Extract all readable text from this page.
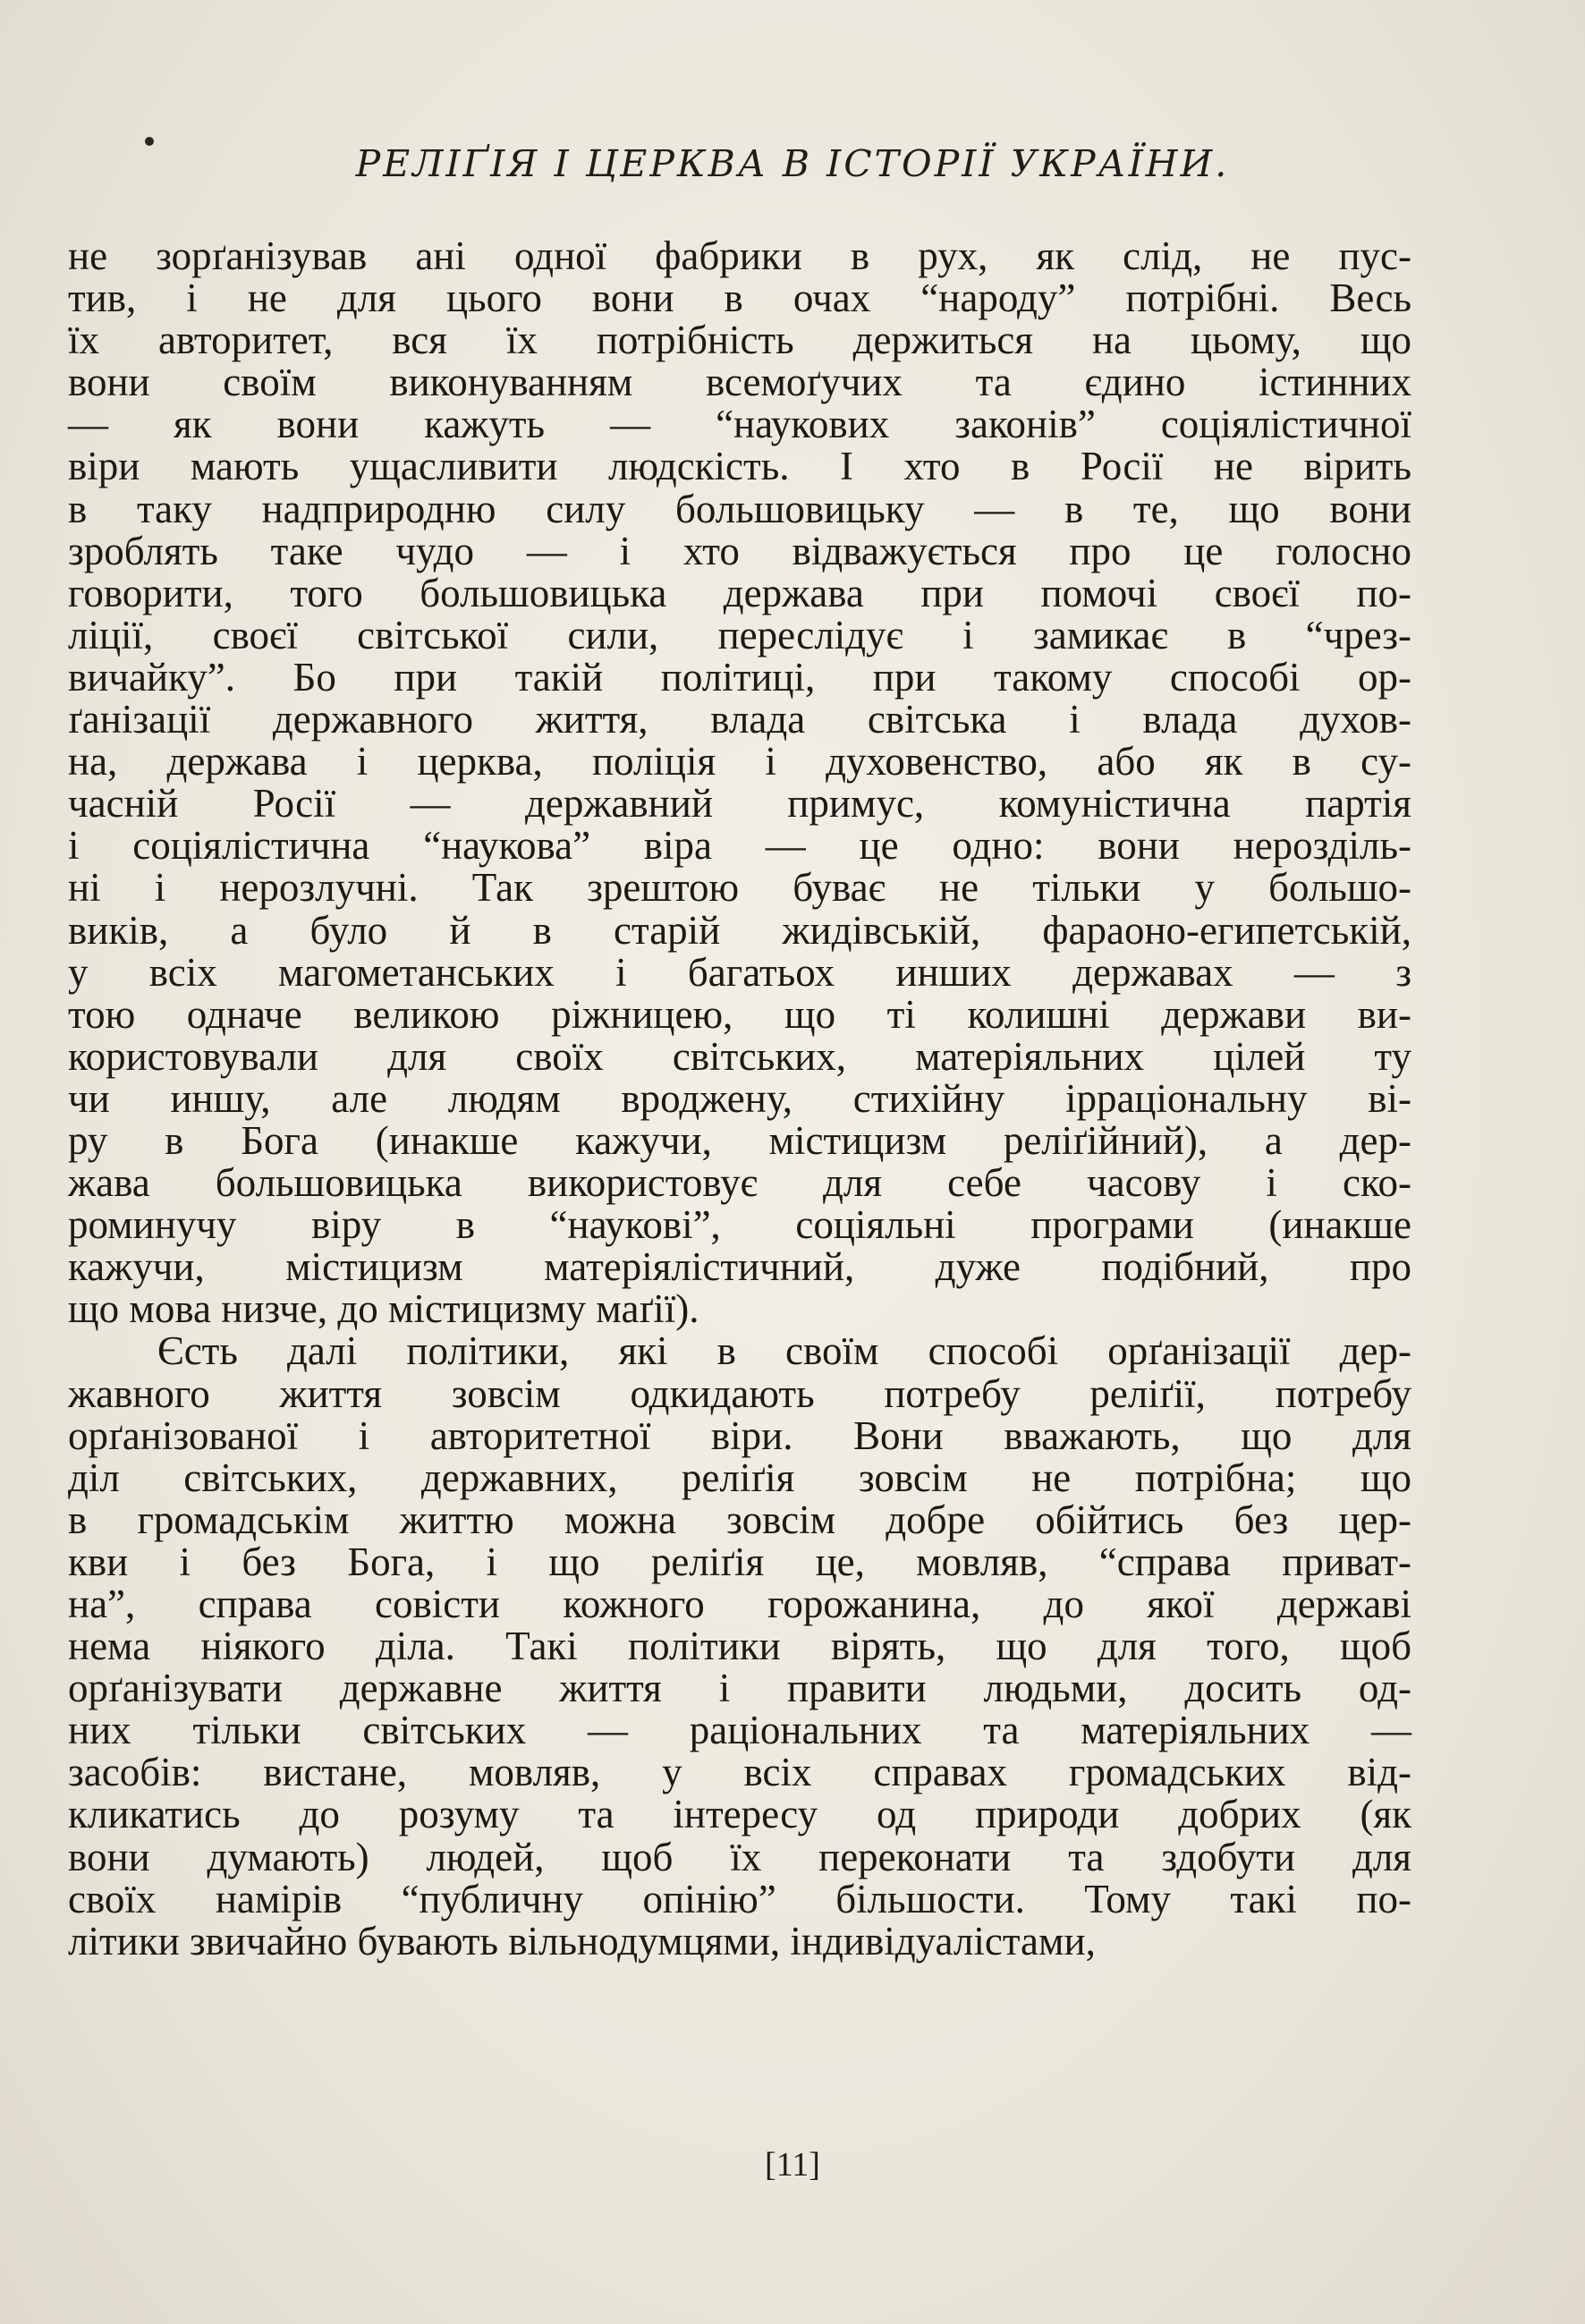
РЕЛІҐІЯ І ЦЕРКВА В ІСТОРІЇ УКРАЇНИ.
не зорґанізував ані одної фабрики в рух, як слід, не пус-
тив, і не для цього вони в очах “народу” потрібні. Весь
їх авторитет, вся їх потрібність держиться на цьому, що
вони своїм виконуванням всемоґучих та єдино істинних
— як вони кажуть — “наукових законів” соціялістичної
віри мають ущасливити людскість. І хто в Росії не вірить
в таку надприродню силу большовицьку — в те, що вони
зроблять таке чудо — і хто відважується про це голосно
говорити, того большовицька держава при помочі своєї по-
ліції, своєї світської сили, переслідує і замикає в “чрез-
вичайку”. Бо при такій політиці, при такому способі ор-
ґанізації державного життя, влада світська і влада духов-
на, держава і церква, поліція і духовенство, або як в су-
часній Росії — державний примус, комуністична партія
і соціялістична “наукова” віра — це одно: вони нерозділь-
ні і нерозлучні. Так зрештою буває не тільки у большо-
виків, а було й в старій жидівській, фараоно-египетській,
у всіх магометанських і багатьох инших державах — з
тою одначе великою ріжницею, що ті колишні держави ви-
користовували для своїх світських, матеріяльних цілей ту
чи иншу, але людям вроджену, стихійну ірраціональну ві-
ру в Бога (инакше кажучи, містицизм реліґійний), а дер-
жава большовицька використовує для себе часову і ско-
роминучу віру в “наукові”, соціяльні програми (инакше
кажучи, містицизм матеріялістичний, дуже подібний, про
що мова низче, до містицизму маґії).
Єсть далі політики, які в своїм способі орґанізації дер-
жавного життя зовсім одкидають потребу реліґії, потребу
орґанізованої і авторитетної віри. Вони вважають, що для
діл світських, державних, реліґія зовсім не потрібна; що
в громадськім життю можна зовсім добре обійтись без цер-
кви і без Бога, і що реліґія це, мовляв, “справа приват-
на”, справа совісти кожного горожанина, до якої державі
нема ніякого діла. Такі політики вірять, що для того, щоб
орґанізувати державне життя і правити людьми, досить од-
них тільки світських — раціональних та матеріяльних —
засобів: вистане, мовляв, у всіх справах громадських від-
кликатись до розуму та інтересу од природи добрих (як
вони думають) людей, щоб їх переконати та здобути для
своїх намірів “публичну опінію” більшости. Тому такі по-
літики звичайно бувають вільнодумцями, індивідуалістами,
[11]
